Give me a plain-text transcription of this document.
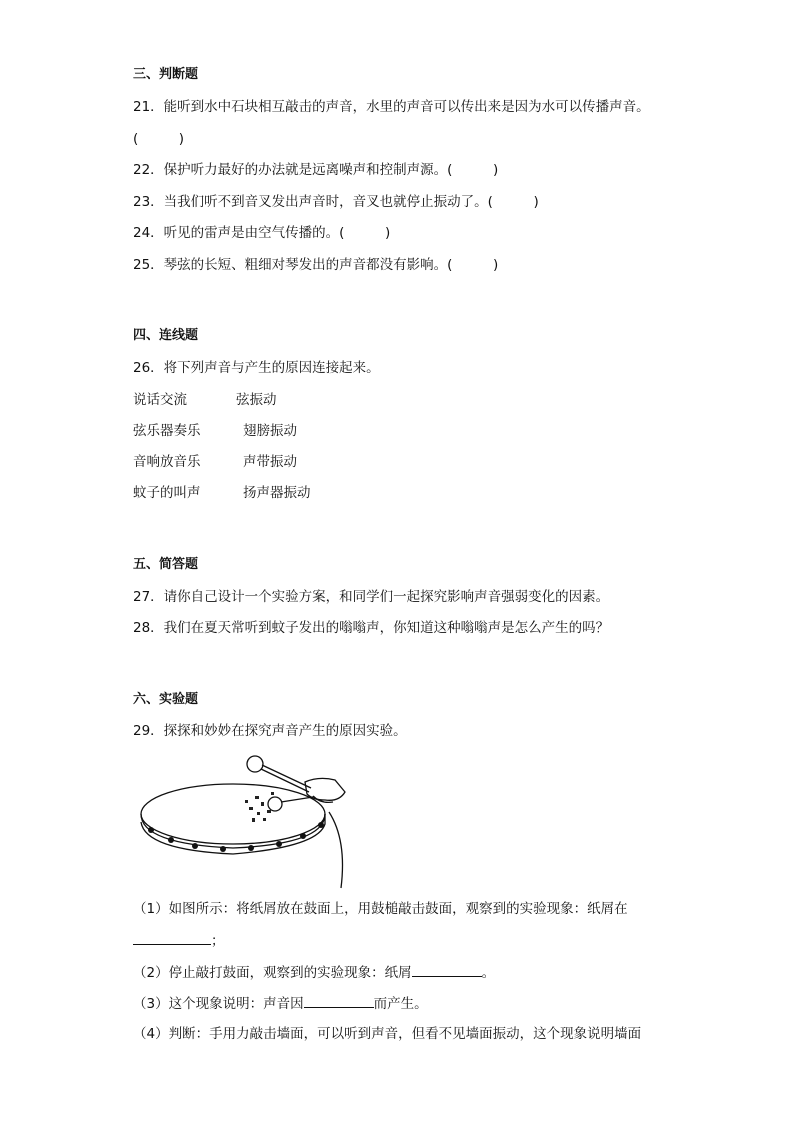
三、判断题
21．能听到水中石块相互敲击的声音，水里的声音可以传出来是因为水可以传播声音。
(　　　)
22．保护听力最好的办法就是远离噪声和控制声源。(　　　)
23．当我们听不到音叉发出声音时，音叉也就停止振动了。(　　　)
24．听见的雷声是由空气传播的。(　　　)
25．琴弦的长短、粗细对琴发出的声音都没有影响。(　　　)
四、连线题
26．将下列声音与产生的原因连接起来。
说话交流	弦振动
弦乐器奏乐	翅膀振动
音响放音乐	声带振动
蚊子的叫声	扬声器振动
五、简答题
27．请你自己设计一个实验方案，和同学们一起探究影响声音强弱变化的因素。
28．我们在夏天常听到蚊子发出的嗡嗡声，你知道这种嗡嗡声是怎么产生的吗？
六、实验题
29．探探和妙妙在探究声音产生的原因实验。
（1）如图所示：将纸屑放在鼓面上，用鼓槌敲击鼓面，观察到的实验现象：纸屑在
；
（2）停止敲打鼓面，观察到的实验现象：纸屑	。
（3）这个现象说明：声音因	而产生。
（4）判断：手用力敲击墙面，可以听到声音，但看不见墙面振动，这个现象说明墙面
